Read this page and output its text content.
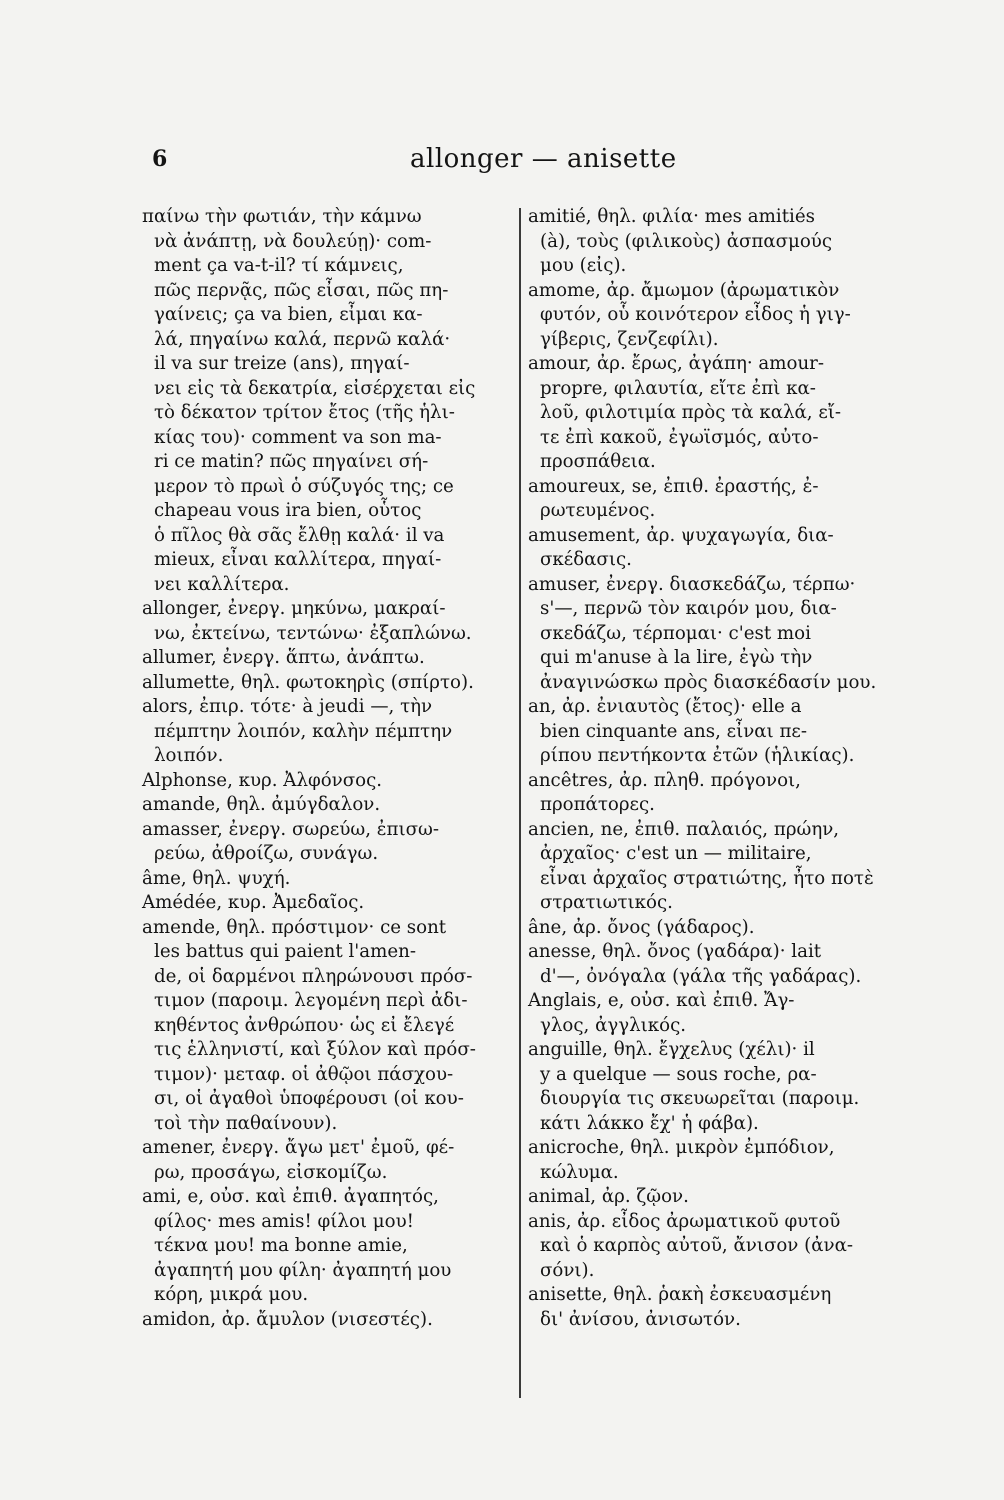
6	allonger — anisette
παίνω τὴν φωτιάν, τὴν κάμνω
νὰ ἀνάπτῃ, νὰ δουλεύῃ)· com-
ment ça va-t-il? τί κάμνεις,
πῶς περνᾷς, πῶς εἶσαι, πῶς πη-
γαίνεις; ça va bien, εἶμαι κα-
λά, πηγαίνω καλά, περνῶ καλά·
il va sur treize (ans), πηγαί-
νει εἰς τὰ δεκατρία, εἰσέρχεται εἰς
τὸ δέκατον τρίτον ἔτος (τῆς ἡλι-
κίας του)· comment va son ma-
ri ce matin? πῶς πηγαίνει σή-
μερον τὸ πρωὶ ὁ σύζυγός της; ce
chapeau vous ira bien, οὗτος
ὁ πῖλος θὰ σᾶς ἔλθῃ καλά· il va
mieux, εἶναι καλλίτερα, πηγαί-
νει καλλίτερα.
allonger, ἐνεργ. μηκύνω, μακραί-
νω, ἐκτείνω, τεντώνω· ἐξαπλώνω.
allumer, ἐνεργ. ἅπτω, ἀνάπτω.
allumette, θηλ. φωτοκηρὶς (σπίρτο).
alors, ἐπιρ. τότε· à jeudi —, τὴν
πέμπτην λοιπόν, καλὴν πέμπτην
λοιπόν.
Alphonse, κυρ. Ἀλφόνσος.
amande, θηλ. ἀμύγδαλον.
amasser, ἐνεργ. σωρεύω, ἐπισω-
ρεύω, ἀθροίζω, συνάγω.
âme, θηλ. ψυχή.
Amédée, κυρ. Ἀμεδαῖος.
amende, θηλ. πρόστιμον· ce sont
les battus qui paient l'amen-
de, οἱ δαρμένοι πληρώνουσι πρόσ-
τιμον (παροιμ. λεγομένη περὶ ἀδι-
κηθέντος ἀνθρώπου· ὡς εἰ ἔλεγέ
τις ἑλληνιστί, καὶ ξύλον καὶ πρόσ-
τιμον)· μεταφ. οἱ ἀθῷοι πάσχου-
σι, οἱ ἀγαθοὶ ὑποφέρουσι (οἱ κου-
τοὶ τὴν παθαίνουν).
amener, ἐνεργ. ἄγω μετ' ἐμοῦ, φέ-
ρω, προσάγω, εἰσκομίζω.
ami, e, οὐσ. καὶ ἐπιθ. ἀγαπητός,
φίλος· mes amis! φίλοι μου!
τέκνα μου! ma bonne amie,
ἀγαπητή μου φίλη· ἀγαπητή μου
κόρη, μικρά μου.
amidon, ἀρ. ἄμυλον (νισεστές).
amitié, θηλ. φιλία· mes amitiés
(à), τοὺς (φιλικοὺς) ἀσπασμούς
μου (εἰς).
amome, ἀρ. ἄμωμον (ἀρωματικὸν
φυτόν, οὗ κοινότερον εἶδος ἡ γιγ-
γίβερις, ζενζεφίλι).
amour, ἀρ. ἔρως, ἀγάπη· amour-
propre, φιλαυτία, εἴτε ἐπὶ κα-
λοῦ, φιλοτιμία πρὸς τὰ καλά, εἴ-
τε ἐπὶ κακοῦ, ἐγωϊσμός, αὐτο-
προσπάθεια.
amoureux, se, ἐπιθ. ἐραστής, ἐ-
ρωτευμένος.
amusement, ἀρ. ψυχαγωγία, δια-
σκέδασις.
amuser, ἐνεργ. διασκεδάζω, τέρπω·
s'—, περνῶ τὸν καιρόν μου, δια-
σκεδάζω, τέρπομαι· c'est moi
qui m'anuse à la lire, ἐγὼ τὴν
ἀναγινώσκω πρὸς διασκέδασίν μου.
an, ἀρ. ἐνιαυτὸς (ἔτος)· elle a
bien cinquante ans, εἶναι πε-
ρίπου πεντήκοντα ἐτῶν (ἡλικίας).
ancêtres, ἀρ. πληθ. πρόγονοι,
προπάτορες.
ancien, ne, ἐπιθ. παλαιός, πρώην,
ἀρχαῖος· c'est un — militaire,
εἶναι ἀρχαῖος στρατιώτης, ἦτο ποτὲ
στρατιωτικός.
âne, ἀρ. ὄνος (γάδαρος).
anesse, θηλ. ὄνος (γαδάρα)· lait
d'—, ὀνόγαλα (γάλα τῆς γαδάρας).
Anglais, e, οὐσ. καὶ ἐπιθ. Ἄγ-
γλος, ἀγγλικός.
anguille, θηλ. ἔγχελυς (χέλι)· il
y a quelque — sous roche, ρα-
διουργία τις σκευωρεῖται (παροιμ.
κάτι λάκκο ἔχ' ἡ φάβα).
anicroche, θηλ. μικρὸν ἐμπόδιον,
κώλυμα.
animal, ἀρ. ζῷον.
anis, ἀρ. εἶδος ἀρωματικοῦ φυτοῦ
καὶ ὁ καρπὸς αὐτοῦ, ἄνισον (ἀνα-
σόνι).
anisette, θηλ. ῥακὴ ἐσκευασμένη
δι' ἀνίσου, ἀνισωτόν.
